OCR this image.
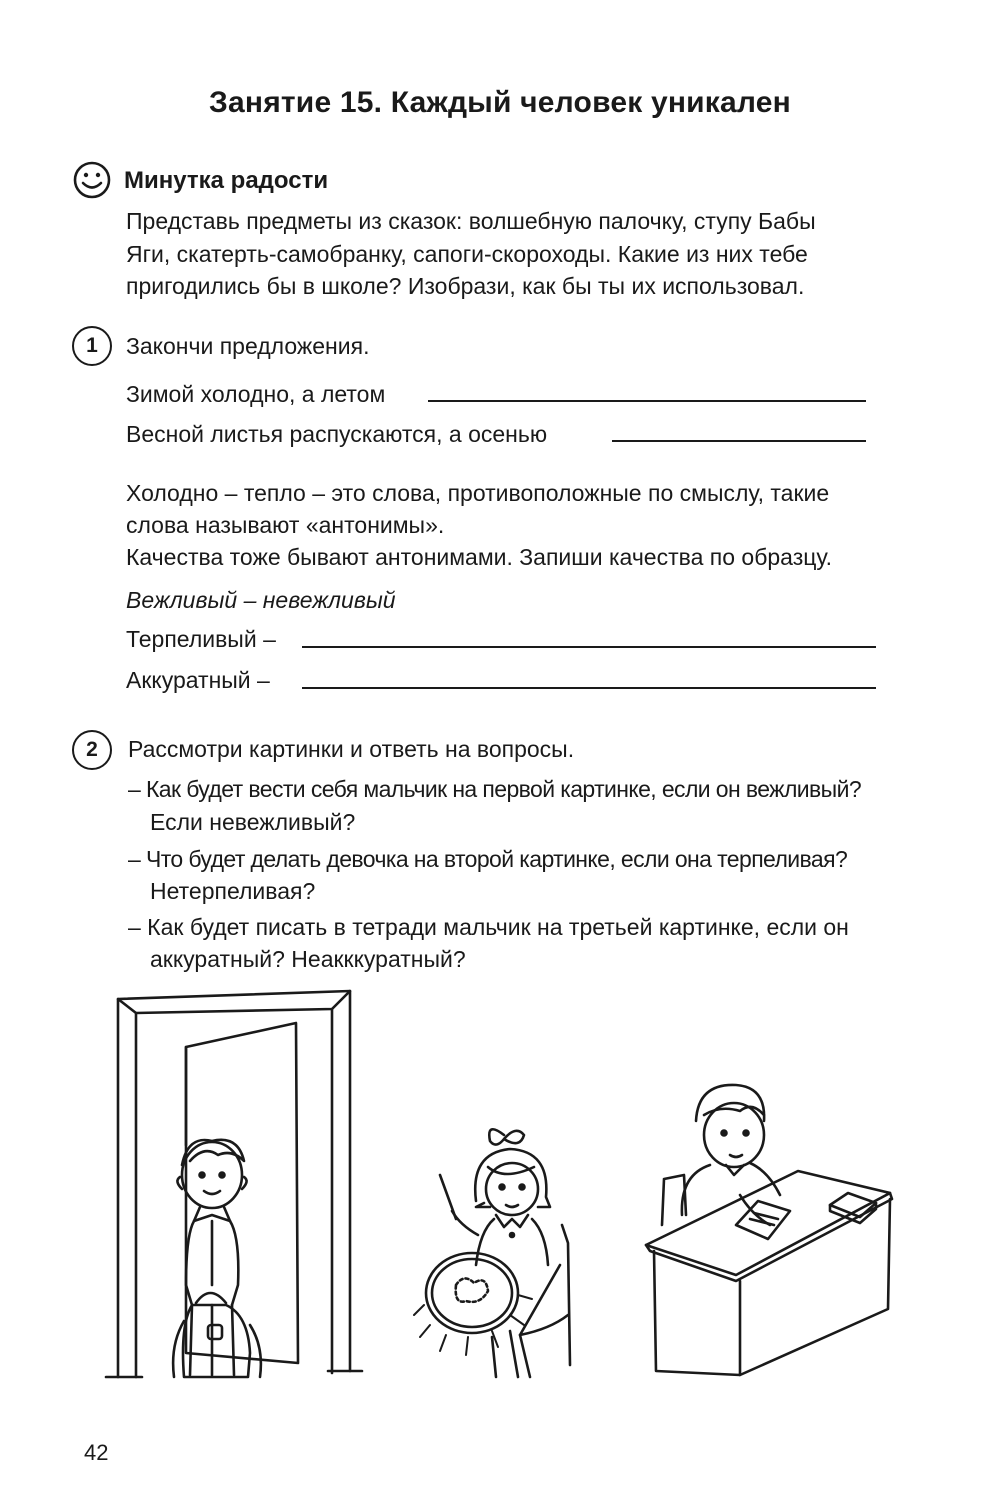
Занятие 15. Каждый человек уникален
Минутка радости
Представь предметы из сказок: волшебную палочку, ступу Бабы
Яги, скатерть-самобранку, сапоги-скороходы. Какие из них тебе
пригодились бы в школе? Изобрази, как бы ты их использовал.
1	Закончи предложения.
Зимой холодно, а летом
Весной листья распускаются, а осенью
Холодно – тепло – это слова, противоположные по смыслу, такие
слова называют «антонимы».
Качества тоже бывают антонимами. Запиши качества по образцу.
Вежливый – невежливый
Терпеливый –
Аккуратный –
2	Рассмотри картинки и ответь на вопросы.
– Как будет вести себя мальчик на первой картинке, если он вежливый?
Если невежливый?
– Что будет делать девочка на второй картинке, если она терпеливая?
Нетерпеливая?
– Как будет писать в тетради мальчик на третьей картинке, если он
аккуратный? Неакккуратный?
42
